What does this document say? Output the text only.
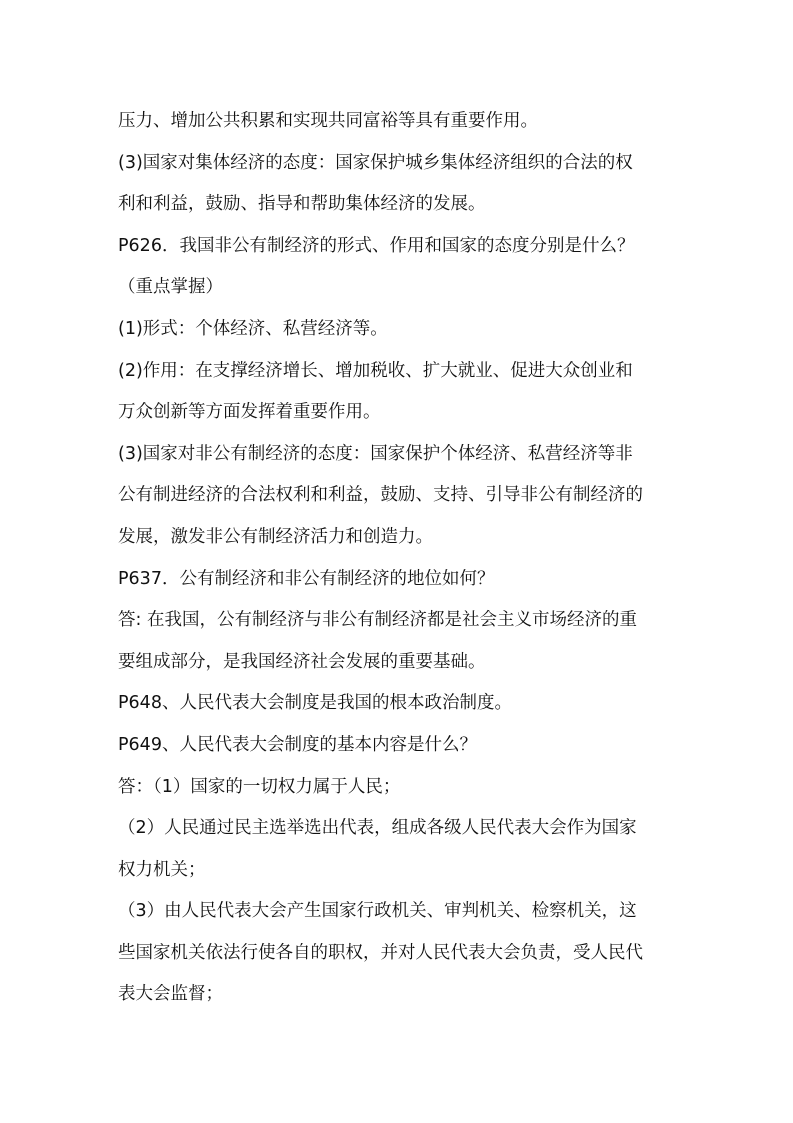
压力、增加公共积累和实现共同富裕等具有重要作用。
(3)国家对集体经济的态度：国家保护城乡集体经济组织的合法的权
利和利益，鼓励、指导和帮助集体经济的发展。
P626．我国非公有制经济的形式、作用和国家的态度分别是什么？
（重点掌握）
(1)形式：个体经济、私营经济等。
(2)作用：在支撑经济增长、增加税收、扩大就业、促进大众创业和
万众创新等方面发挥着重要作用。
(3)国家对非公有制经济的态度：国家保护个体经济、私营经济等非
公有制进经济的合法权利和利益，鼓励、支持、引导非公有制经济的
发展，激发非公有制经济活力和创造力。
P637．公有制经济和非公有制经济的地位如何？
答: 在我国，公有制经济与非公有制经济都是社会主义市场经济的重
要组成部分，是我国经济社会发展的重要基础。
P648、人民代表大会制度是我国的根本政治制度。
P649、人民代表大会制度的基本内容是什么？
答：（1）国家的一切权力属于人民；
（2）人民通过民主选举选出代表，组成各级人民代表大会作为国家
权力机关；
（3）由人民代表大会产生国家行政机关、审判机关、检察机关，这
些国家机关依法行使各自的职权，并对人民代表大会负责，受人民代
表大会监督；
